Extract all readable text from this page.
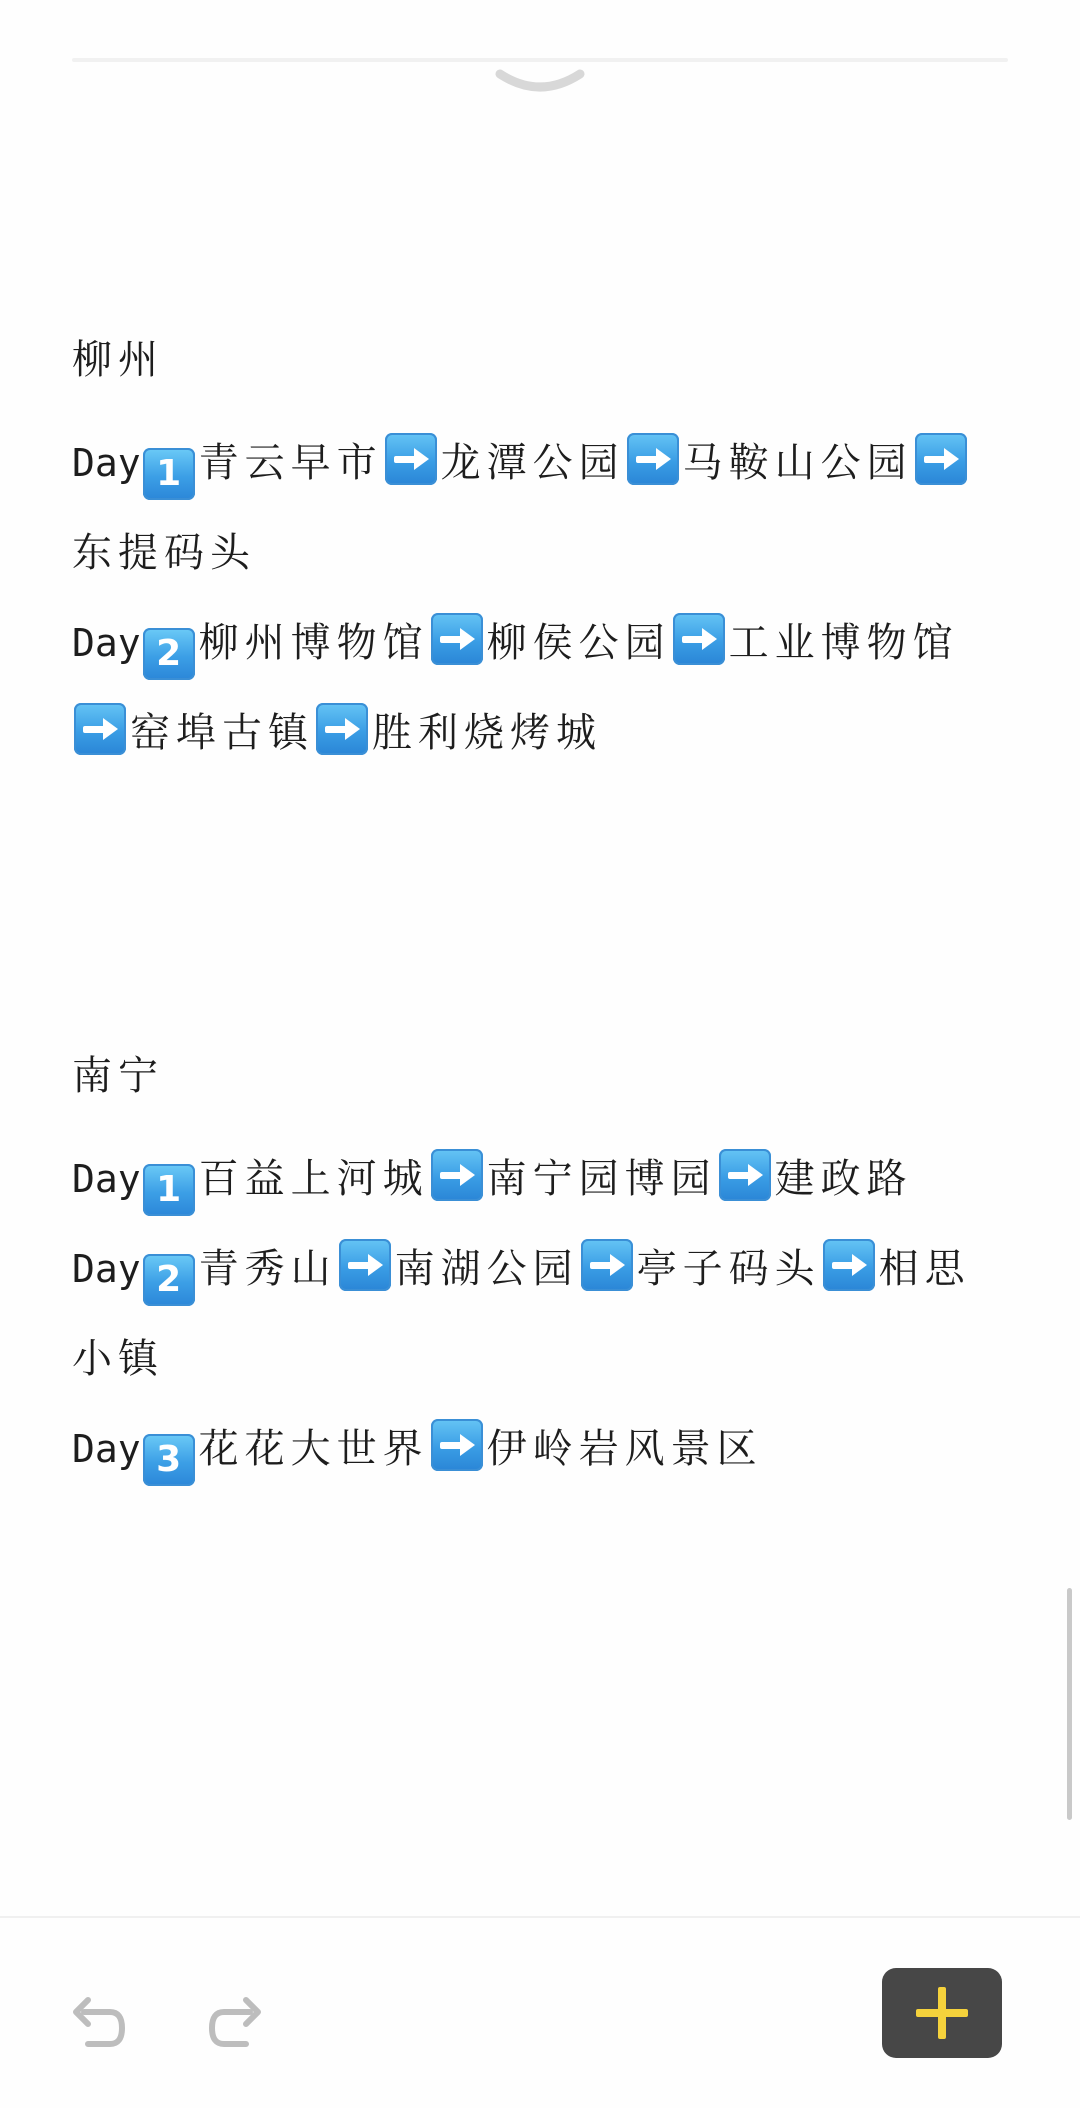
柳州

Day 1 青云早市 龙潭公园 马鞍山公园东提码头

Day 2 柳州博物馆 柳侯公园 工业博物馆窑埠古镇 胜利烧烤城

南宁

Day 1 百益上河城 南宁园博园 建政路

Day 2 青秀山 南湖公园 亭子码头 相思小镇

Day 3 花花大世界 伊岭岩风景区
